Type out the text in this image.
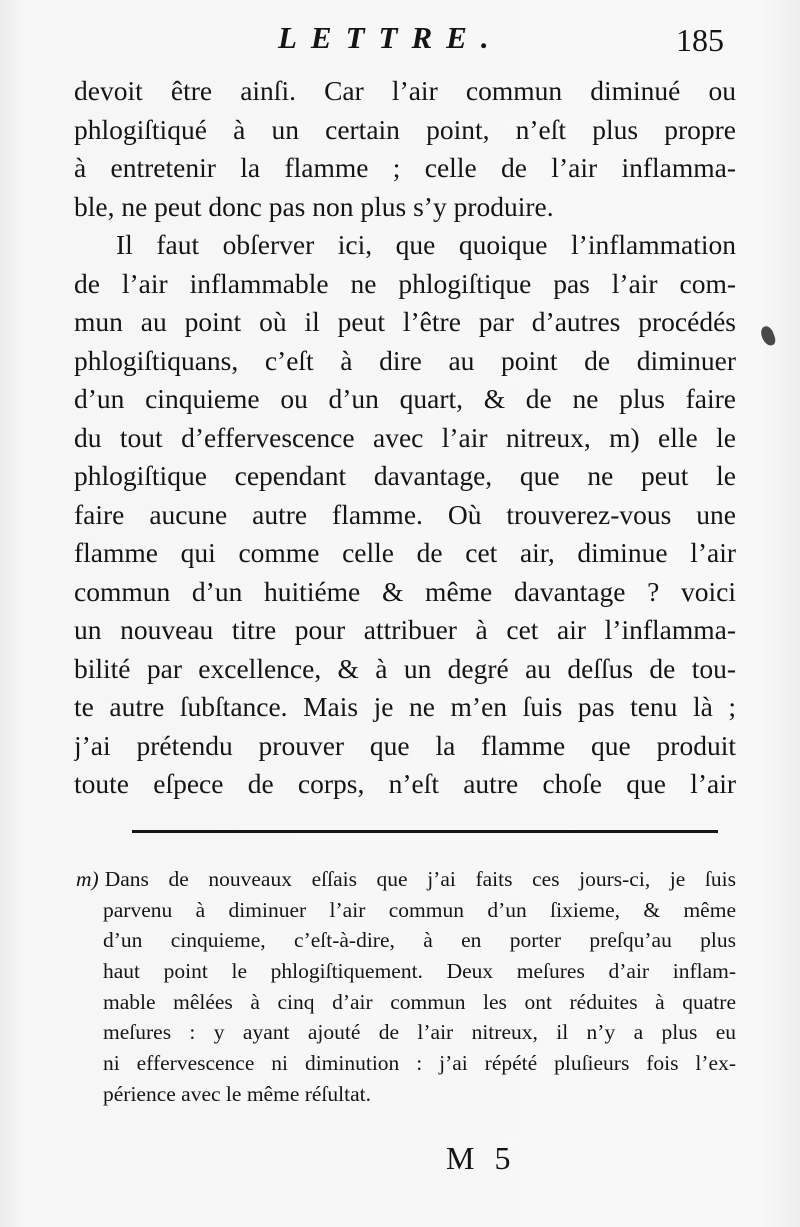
LETTRE.	185
devoit être ainſi. Car l’air commun diminué ou
phlogiſtiqué à un certain point, n’eſt plus propre
à entretenir la flamme ; celle de l’air inflamma-
ble, ne peut donc pas non plus s’y produire.
Il faut obſerver ici, que quoique l’inflammation
de l’air inflammable ne phlogiſtique pas l’air com-
mun au point où il peut l’être par d’autres procédés
phlogiſtiquans, c’eſt à dire au point de diminuer
d’un cinquieme ou d’un quart, & de ne plus faire
du tout d’effervescence avec l’air nitreux, m) elle le
phlogiſtique cependant davantage, que ne peut le
faire aucune autre flamme. Où trouverez-vous une
flamme qui comme celle de cet air, diminue l’air
commun d’un huitiéme & même davantage ? voici
un nouveau titre pour attribuer à cet air l’inflamma-
bilité par excellence, & à un degré au deſſus de tou-
te autre ſubſtance. Mais je ne m’en ſuis pas tenu là ;
j’ai prétendu prouver que la flamme que produit
toute eſpece de corps, n’eſt autre choſe que l’air
m) Dans de nouveaux eſſais que j’ai faits ces jours-ci, je ſuis
parvenu à diminuer l’air commun d’un ſixieme, & même
d’un cinquieme, c’eſt-à-dire, à en porter preſqu’au plus
haut point le phlogiſtiquement. Deux meſures d’air inflam-
mable mêlées à cinq d’air commun les ont réduites à quatre
meſures : y ayant ajouté de l’air nitreux, il n’y a plus eu
ni effervescence ni diminution : j’ai répété pluſieurs fois l’ex-
périence avec le même réſultat.
M 5
